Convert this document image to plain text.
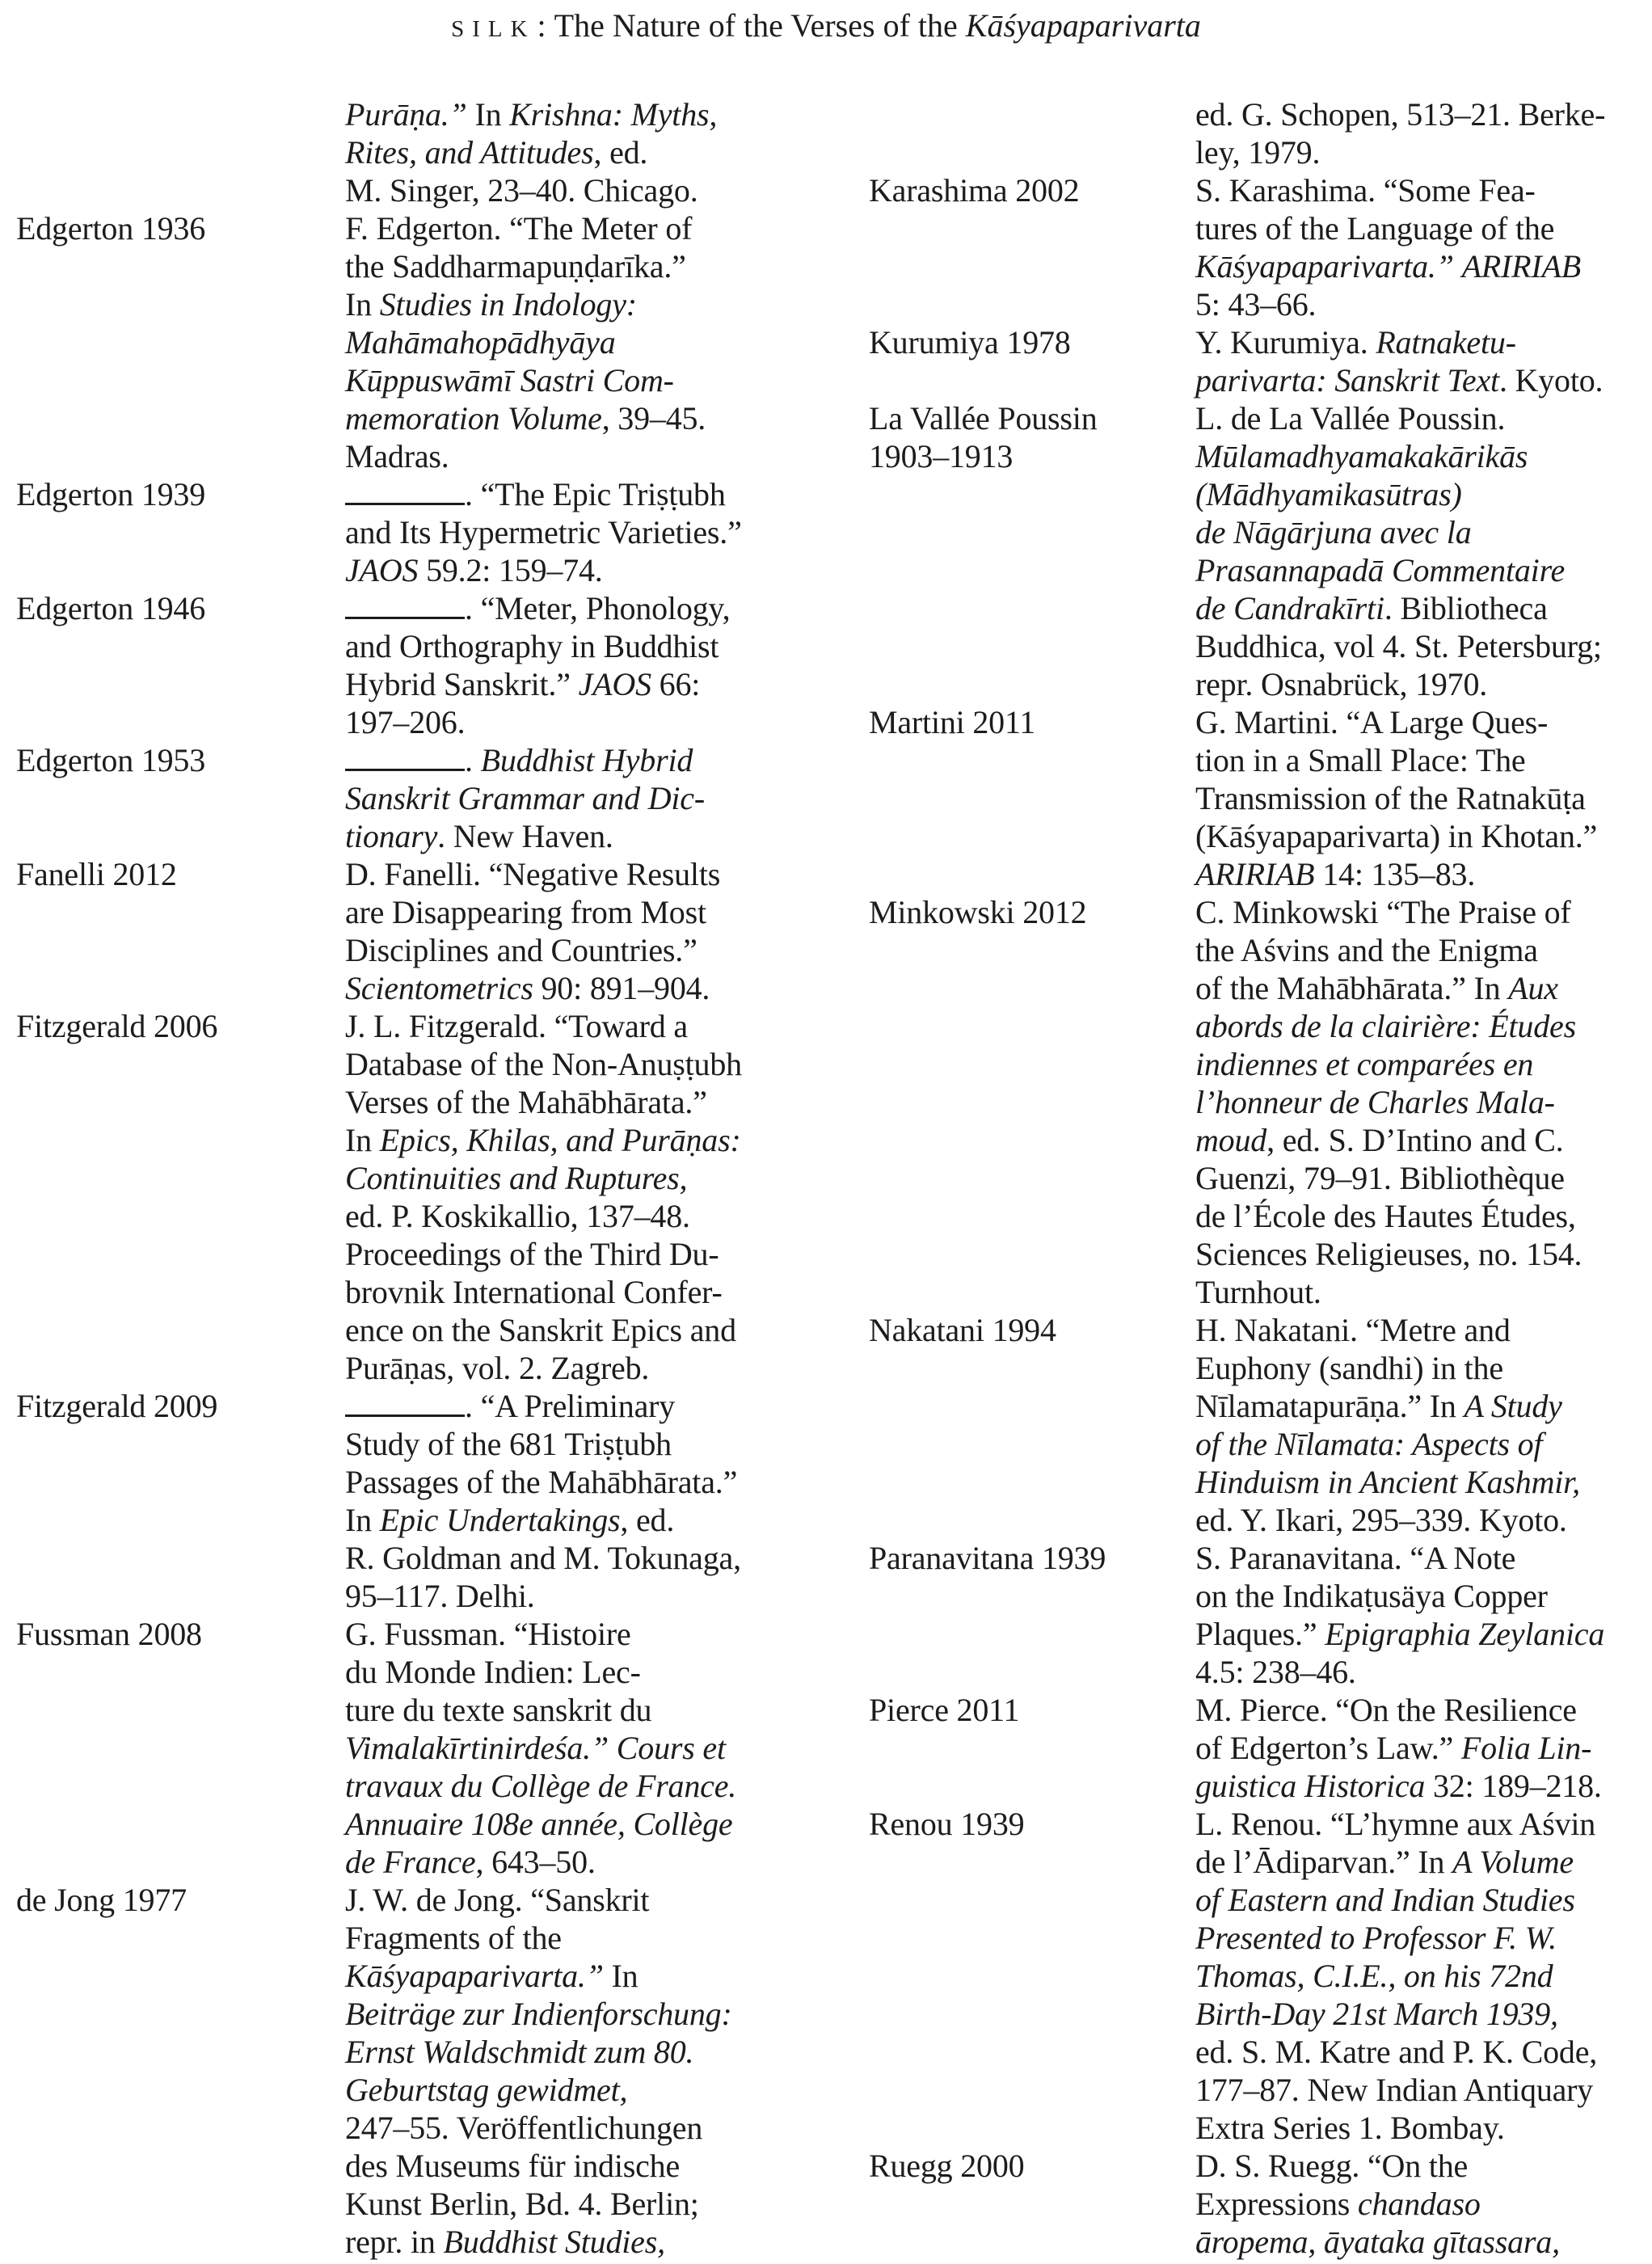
SILK: The Nature of the Verses of the Kāśyapaparivarta
Purāṇa.” In Krishna: Myths,
Rites, and Attitudes, ed.
M. Singer, 23–40. Chicago.
Edgerton 1936	F. Edgerton. “The Meter of
the Saddharmapuṇḍarīka.”
In Studies in Indology:
Mahāmahopādhyāya
Kūppuswāmī Sastri Com-
memoration Volume, 39–45.
Madras.
Edgerton 1939	. “The Epic Triṣṭubh
and Its Hypermetric Varieties.”
JAOS 59.2: 159–74.
Edgerton 1946	. “Meter, Phonology,
and Orthography in Buddhist
Hybrid Sanskrit.” JAOS 66:
197–206.
Edgerton 1953	. Buddhist Hybrid
Sanskrit Grammar and Dic-
tionary. New Haven.
Fanelli 2012	D. Fanelli. “Negative Results
are Disappearing from Most
Disciplines and Countries.”
Scientometrics 90: 891–904.
Fitzgerald 2006	J. L. Fitzgerald. “Toward a
Database of the Non-Anuṣṭubh
Verses of the Mahābhārata.”
In Epics, Khilas, and Purāṇas:
Continuities and Ruptures,
ed. P. Koskikallio, 137–48.
Proceedings of the Third Du-
brovnik International Confer-
ence on the Sanskrit Epics and
Purāṇas, vol. 2. Zagreb.
Fitzgerald 2009	. “A Preliminary
Study of the 681 Triṣṭubh
Passages of the Mahābhārata.”
In Epic Undertakings, ed.
R. Goldman and M. Tokunaga,
95–117. Delhi.
Fussman 2008	G. Fussman. “Histoire
du Monde Indien: Lec-
ture du texte sanskrit du
Vimalakīrtinirdeśa.” Cours et
travaux du Collège de France.
Annuaire 108e année, Collège
de France, 643–50.
de Jong 1977	J. W. de Jong. “Sanskrit
Fragments of the
Kāśyapaparivarta.” In
Beiträge zur Indienforschung:
Ernst Waldschmidt zum 80.
Geburtstag gewidmet,
247–55. Veröffentlichungen
des Museums für indische
Kunst Berlin, Bd. 4. Berlin;
repr. in Buddhist Studies,
ed. G. Schopen, 513–21. Berke-
ley, 1979.
Karashima 2002	S. Karashima. “Some Fea-
tures of the Language of the
Kāśyapaparivarta.” ARIRIAB
5: 43–66.
Kurumiya 1978	Y. Kurumiya. Ratnaketu-
parivarta: Sanskrit Text. Kyoto.
La Vallée Poussin	L. de La Vallée Poussin.
1903–1913	Mūlamadhyamakakārikās
(Mādhyamikasūtras)
de Nāgārjuna avec la
Prasannapadā Commentaire
de Candrakīrti. Bibliotheca
Buddhica, vol 4. St. Petersburg;
repr. Osnabrück, 1970.
Martini 2011	G. Martini. “A Large Ques-
tion in a Small Place: The
Transmission of the Ratnakūṭa
(Kāśyapaparivarta) in Khotan.”
ARIRIAB 14: 135–83.
Minkowski 2012	C. Minkowski “The Praise of
the Aśvins and the Enigma
of the Mahābhārata.” In Aux
abords de la clairière: Études
indiennes et comparées en
l’honneur de Charles Mala-
moud, ed. S. D’Intino and C.
Guenzi, 79–91. Bibliothèque
de l’École des Hautes Études,
Sciences Religieuses, no. 154.
Turnhout.
Nakatani 1994	H. Nakatani. “Metre and
Euphony (sandhi) in the
Nīlamatapurāṇa.” In A Study
of the Nīlamata: Aspects of
Hinduism in Ancient Kashmir,
ed. Y. Ikari, 295–339. Kyoto.
Paranavitana 1939	S. Paranavitana. “A Note
on the Indikaṭusäya Copper
Plaques.” Epigraphia Zeylanica
4.5: 238–46.
Pierce 2011	M. Pierce. “On the Resilience
of Edgerton’s Law.” Folia Lin-
guistica Historica 32: 189–218.
Renou 1939	L. Renou. “L’hymne aux Aśvin
de l’Ādiparvan.” In A Volume
of Eastern and Indian Studies
Presented to Professor F. W.
Thomas, C.I.E., on his 72nd
Birth-Day 21st March 1939,
ed. S. M. Katre and P. K. Code,
177–87. New Indian Antiquary
Extra Series 1. Bombay.
Ruegg 2000	D. S. Ruegg. “On the
Expressions chandaso
āropema, āyataka gītassara,
